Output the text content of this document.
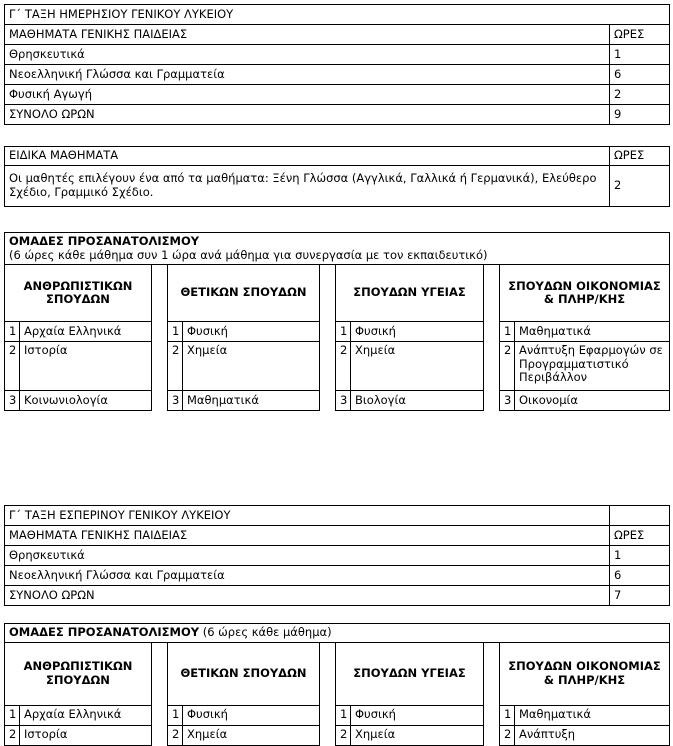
Γ΄ ΤΑΞΗ ΗΜΕΡΗΣΙΟΥ ΓΕΝΙΚΟΥ ΛΥΚΕΙΟΥ	
ΜΑΘΗΜΑΤΑ ΓΕΝΙΚΗΣ ΠΑΙΔΕΙΑΣ	ΩΡΕΣ
Θρησκευτικά	1
Νεοελληνική Γλώσσα και Γραμματεία	6
Φυσική Αγωγή	2
ΣΥΝΟΛΟ ΩΡΩΝ	9
ΕΙΔΙΚΑ ΜΑΘΗΜΑΤΑ	ΩΡΕΣ
Οι μαθητές επιλέγουν ένα από τα μαθήματα: Ξένη Γλώσσα (Αγγλικά, Γαλλικά ή Γερμανικά), Ελεύθερο Σχέδιο, Γραμμικό Σχέδιο.	2
ΟΜΑΔΕΣ ΠΡΟΣΑΝΑΤΟΛΙΣΜΟΥ
(6 ώρες κάθε μάθημα συν 1 ώρα ανά μάθημα για συνεργασία με τον εκπαιδευτικό)										

ΑΝΘΡΩΠΙΣΤΙΚΩΝ ΣΠΟΥΔΩΝ			ΘΕΤΙΚΩΝ ΣΠΟΥΔΩΝ			ΣΠΟΥΔΩΝ ΥΓΕΙΑΣ			ΣΠΟΥΔΩΝ ΟΙΚΟΝΟΜΙΑΣ & ΠΛΗΡ/ΚΗΣ	
1	Αρχαία Ελληνικά		1	Φυσική		1	Φυσική		1	Μαθηματικά
2	Ιστορία		2	Χημεία		2	Χημεία		2	Ανάπτυξη Εφαρμογών σε Προγραμματιστικό Περιβάλλον
3	Κοινωνιολογία		3	Μαθηματικά		3	Βιολογία		3	Οικονομία
Γ΄ ΤΑΞΗ ΕΣΠΕΡΙΝΟΥ ΓΕΝΙΚΟΥ ΛΥΚΕΙΟΥ	
ΜΑΘΗΜΑΤΑ ΓΕΝΙΚΗΣ ΠΑΙΔΕΙΑΣ	ΩΡΕΣ
Θρησκευτικά	1
Νεοελληνική Γλώσσα και Γραμματεία	6
ΣΥΝΟΛΟ ΩΡΩΝ	7
ΟΜΑΔΕΣ ΠΡΟΣΑΝΑΤΟΛΙΣΜΟΥ (6 ώρες κάθε μάθημα)										
ΑΝΘΡΩΠΙΣΤΙΚΩΝ ΣΠΟΥΔΩΝ			ΘΕΤΙΚΩΝ ΣΠΟΥΔΩΝ			ΣΠΟΥΔΩΝ ΥΓΕΙΑΣ			ΣΠΟΥΔΩΝ ΟΙΚΟΝΟΜΙΑΣ & ΠΛΗΡ/ΚΗΣ	
1	Αρχαία Ελληνικά		1	Φυσική		1	Φυσική		1	Μαθηματικά
2	Ιστορία		2	Χημεία		2	Χημεία		2	Ανάπτυξη
